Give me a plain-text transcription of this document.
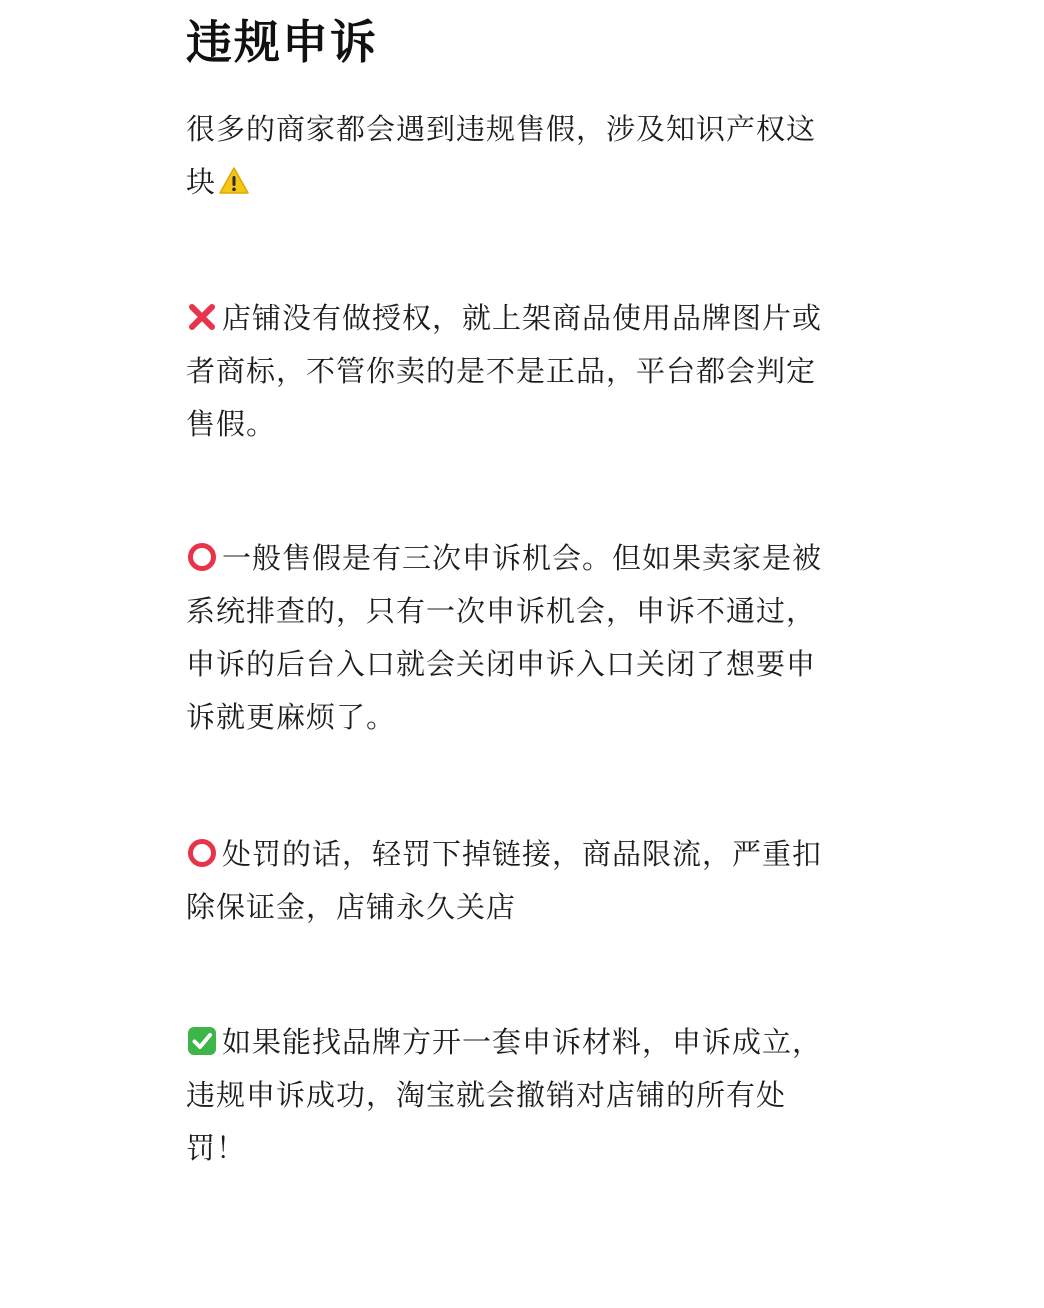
违规申诉

很多的商家都会遇到违规售假，涉及知识产权这块

店铺没有做授权，就上架商品使用品牌图片或者商标，不管你卖的是不是正品，平台都会判定售假。

一般售假是有三次申诉机会。但如果卖家是被系统排查的，只有一次申诉机会，申诉不通过，申诉的后台入口就会关闭申诉入口关闭了想要申诉就更麻烦了。

处罚的话，轻罚下掉链接，商品限流，严重扣除保证金，店铺永久关店

如果能找品牌方开一套申诉材料，申诉成立，违规申诉成功，淘宝就会撤销对店铺的所有处罚！
